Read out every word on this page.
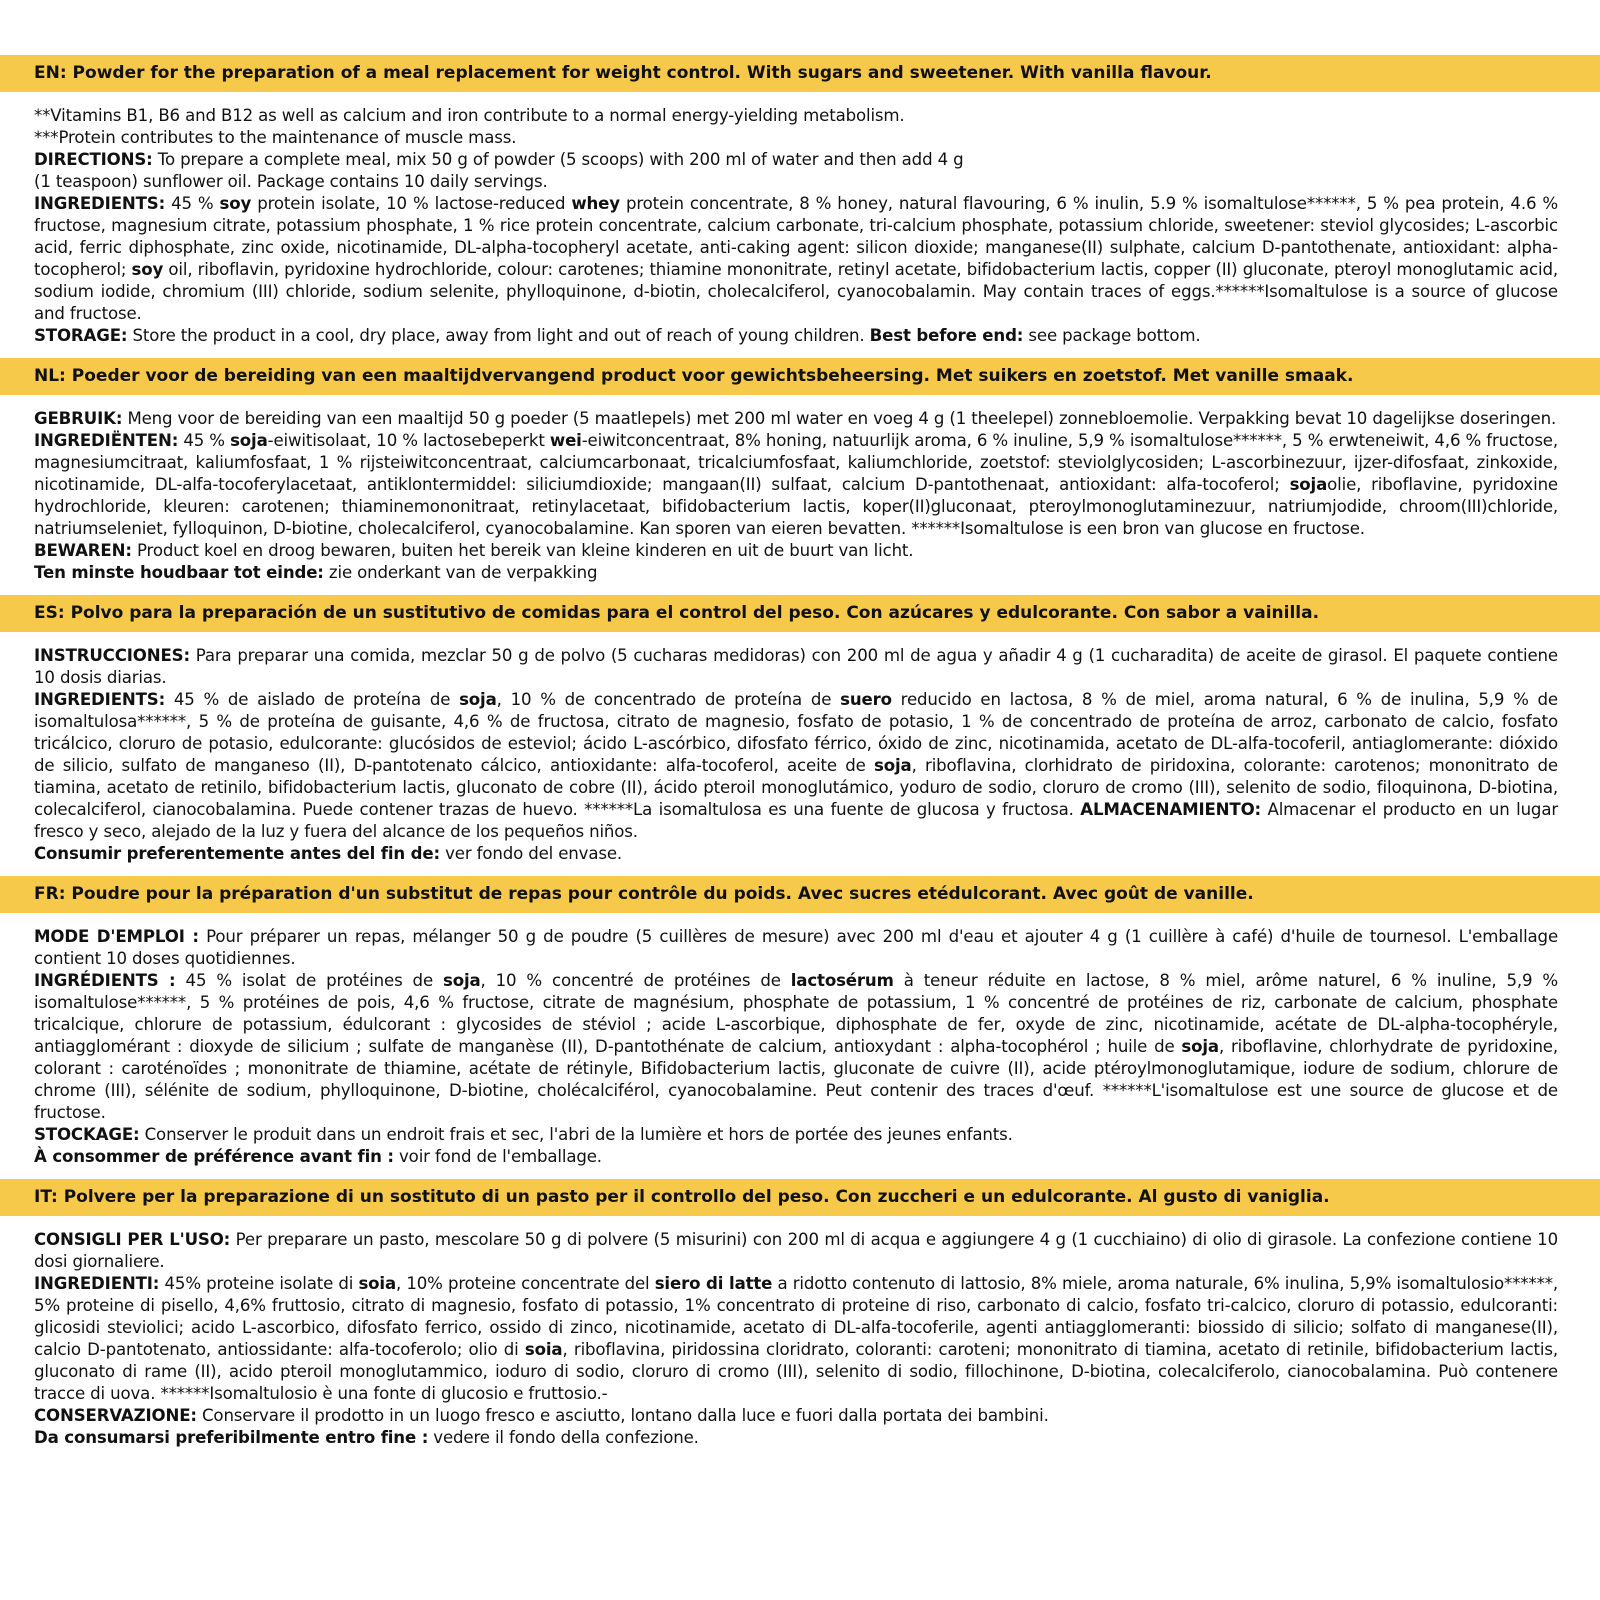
EN: Powder for the preparation of a meal replacement for weight control. With sugars and sweetener. With vanilla flavour.

**Vitamins B1, B6 and B12 as well as calcium and iron contribute to a normal energy-yielding metabolism.

***Protein contributes to the maintenance of muscle mass.

DIRECTIONS: To prepare a complete meal, mix 50 g of powder (5 scoops) with 200 ml of water and then add 4 g

(1 teaspoon) sunflower oil. Package contains 10 daily servings.

INGREDIENTS: 45 % soy protein isolate, 10 % lactose-reduced whey protein concentrate, 8 % honey, natural flavouring, 6 % inulin, 5.9 % isomaltulose******, 5 % pea protein, 4.6 % fructose, magnesium citrate, potassium phosphate, 1 % rice protein concentrate, calcium carbonate, tri-calcium phosphate, potassium chloride, sweetener: steviol glycosides; L-ascorbic acid, ferric diphosphate, zinc oxide, nicotinamide, DL-alpha-tocopheryl acetate, anti-caking agent: silicon dioxide; manganese(II) sulphate, calcium D-pantothenate, antioxidant: alpha-tocopherol; soy oil, riboflavin, pyridoxine hydrochloride, colour: carotenes; thiamine mononitrate, retinyl acetate, bifidobacterium lactis, copper (II) gluconate, pteroyl monoglutamic acid, sodium iodide, chromium (III) chloride, sodium selenite, phylloquinone, d-biotin, cholecalciferol, cyanocobalamin. May contain traces of eggs.******Isomaltulose is a source of glucose and fructose.

STORAGE: Store the product in a cool, dry place, away from light and out of reach of young children. Best before end: see package bottom.

NL: Poeder voor de bereiding van een maaltijdvervangend product voor gewichtsbeheersing. Met suikers en zoetstof. Met vanille smaak.

GEBRUIK: Meng voor de bereiding van een maaltijd 50 g poeder (5 maatlepels) met 200 ml water en voeg 4 g (1 theelepel) zonnebloemolie. Verpakking bevat 10 dagelijkse doseringen.

INGREDIËNTEN: 45 % soja-eiwitisolaat, 10 % lactosebeperkt wei-eiwitconcentraat, 8% honing, natuurlijk aroma, 6 % inuline, 5,9 % isomaltulose******, 5 % erwteneiwit, 4,6 % fructose, magnesiumcitraat, kaliumfosfaat, 1 % rijsteiwitconcentraat, calciumcarbonaat, tricalciumfosfaat, kaliumchloride, zoetstof: steviolglycosiden; L-ascorbinezuur, ijzer-difosfaat, zinkoxide, nicotinamide, DL-alfa-tocoferylacetaat, antiklontermiddel: siliciumdioxide; mangaan(II) sulfaat, calcium D-pantothenaat, antioxidant: alfa-tocoferol; sojaolie, riboflavine, pyridoxine hydrochloride, kleuren: carotenen; thiaminemononitraat, retinylacetaat, bifidobacterium lactis, koper(II)gluconaat, pteroylmonoglutaminezuur, natriumjodide, chroom(III)chloride, natriumseleniet, fylloquinon, D-biotine, cholecalciferol, cyanocobalamine. Kan sporen van eieren bevatten. ******Isomaltulose is een bron van glucose en fructose.

BEWAREN: Product koel en droog bewaren, buiten het bereik van kleine kinderen en uit de buurt van licht.

Ten minste houdbaar tot einde: zie onderkant van de verpakking

ES: Polvo para la preparación de un sustitutivo de comidas para el control del peso. Con azúcares y edulcorante. Con sabor a vainilla.

INSTRUCCIONES: Para preparar una comida, mezclar 50 g de polvo (5 cucharas medidoras) con 200 ml de agua y añadir 4 g (1 cucharadita) de aceite de girasol. El paquete contiene 10 dosis diarias.

INGREDIENTS: 45 % de aislado de proteína de soja, 10 % de concentrado de proteína de suero reducido en lactosa, 8 % de miel, aroma natural, 6 % de inulina, 5,9 % de isomaltulosa******, 5 % de proteína de guisante, 4,6 % de fructosa, citrato de magnesio, fosfato de potasio, 1 % de concentrado de proteína de arroz, carbonato de calcio, fosfato tricálcico, cloruro de potasio, edulcorante: glucósidos de esteviol; ácido L-ascórbico, difosfato férrico, óxido de zinc, nicotinamida, acetato de DL-alfa-tocoferil, antiaglomerante: dióxido de silicio, sulfato de manganeso (II), D-pantotenato cálcico, antioxidante: alfa-tocoferol, aceite de soja, riboflavina, clorhidrato de piridoxina, colorante: carotenos; mononitrato de tiamina, acetato de retinilo, bifidobacterium lactis, gluconato de cobre (II), ácido pteroil monoglutámico, yoduro de sodio, cloruro de cromo (III), selenito de sodio, filoquinona, D-biotina, colecalciferol, cianocobalamina. Puede contener trazas de huevo. ******La isomaltulosa es una fuente de glucosa y fructosa. ALMACENAMIENTO: Almacenar el producto en un lugar fresco y seco, alejado de la luz y fuera del alcance de los pequeños niños.

Consumir preferentemente antes del fin de: ver fondo del envase.

FR: Poudre pour la préparation d'un substitut de repas pour contrôle du poids. Avec sucres etédulcorant. Avec goût de vanille.

MODE D'EMPLOI : Pour préparer un repas, mélanger 50 g de poudre (5 cuillères de mesure) avec 200 ml d'eau et ajouter 4 g (1 cuillère à café) d'huile de tournesol. L'emballage contient 10 doses quotidiennes.

INGRÉDIENTS : 45 % isolat de protéines de soja, 10 % concentré de protéines de lactosérum à teneur réduite en lactose, 8 % miel, arôme naturel, 6 % inuline, 5,9 % isomaltulose******, 5 % protéines de pois, 4,6 % fructose, citrate de magnésium, phosphate de potassium, 1 % concentré de protéines de riz, carbonate de calcium, phosphate tricalcique, chlorure de potassium, édulcorant : glycosides de stéviol ; acide L-ascorbique, diphosphate de fer, oxyde de zinc, nicotinamide, acétate de DL-alpha-tocophéryle, antiagglomérant : dioxyde de silicium ; sulfate de manganèse (II), D-pantothénate de calcium, antioxydant : alpha-tocophérol ; huile de soja, riboflavine, chlorhydrate de pyridoxine, colorant : caroténoïdes ; mononitrate de thiamine, acétate de rétinyle, Bifidobacterium lactis, gluconate de cuivre (II), acide ptéroylmonoglutamique, iodure de sodium, chlorure de chrome (III), sélénite de sodium, phylloquinone, D-biotine, cholécalciférol, cyanocobalamine. Peut contenir des traces d'œuf. ******L'isomaltulose est une source de glucose et de fructose.

STOCKAGE: Conserver le produit dans un endroit frais et sec, l'abri de la lumière et hors de portée des jeunes enfants.

À consommer de préférence avant fin : voir fond de l'emballage.

IT: Polvere per la preparazione di un sostituto di un pasto per il controllo del peso. Con zuccheri e un edulcorante. Al gusto di vaniglia.

CONSIGLI PER L'USO: Per preparare un pasto, mescolare 50 g di polvere (5 misurini) con 200 ml di acqua e aggiungere 4 g (1 cucchiaino) di olio di girasole. La confezione contiene 10 dosi giornaliere.

INGREDIENTI: 45% proteine isolate di soia, 10% proteine concentrate del siero di latte a ridotto contenuto di lattosio, 8% miele, aroma naturale, 6% inulina, 5,9% isomaltulosio******, 5% proteine di pisello, 4,6% fruttosio, citrato di magnesio, fosfato di potassio, 1% concentrato di proteine di riso, carbonato di calcio, fosfato tri-calcico, cloruro di potassio, edulcoranti: glicosidi steviolici; acido L-ascorbico, difosfato ferrico, ossido di zinco, nicotinamide, acetato di DL-alfa-tocoferile, agenti antiagglomeranti: biossido di silicio; solfato di manganese(II), calcio D-pantotenato, antiossidante: alfa-tocoferolo; olio di soia, riboflavina, piridossina cloridrato, coloranti: caroteni; mononitrato di tiamina, acetato di retinile, bifidobacterium lactis, gluconato di rame (II), acido pteroil monoglutammico, ioduro di sodio, cloruro di cromo (III), selenito di sodio, fillochinone, D-biotina, colecalciferolo, cianocobalamina. Può contenere tracce di uova. ******Isomaltulosio è una fonte di glucosio e fruttosio.-

CONSERVAZIONE: Conservare il prodotto in un luogo fresco e asciutto, lontano dalla luce e fuori dalla portata dei bambini.

Da consumarsi preferibilmente entro fine : vedere il fondo della confezione.
